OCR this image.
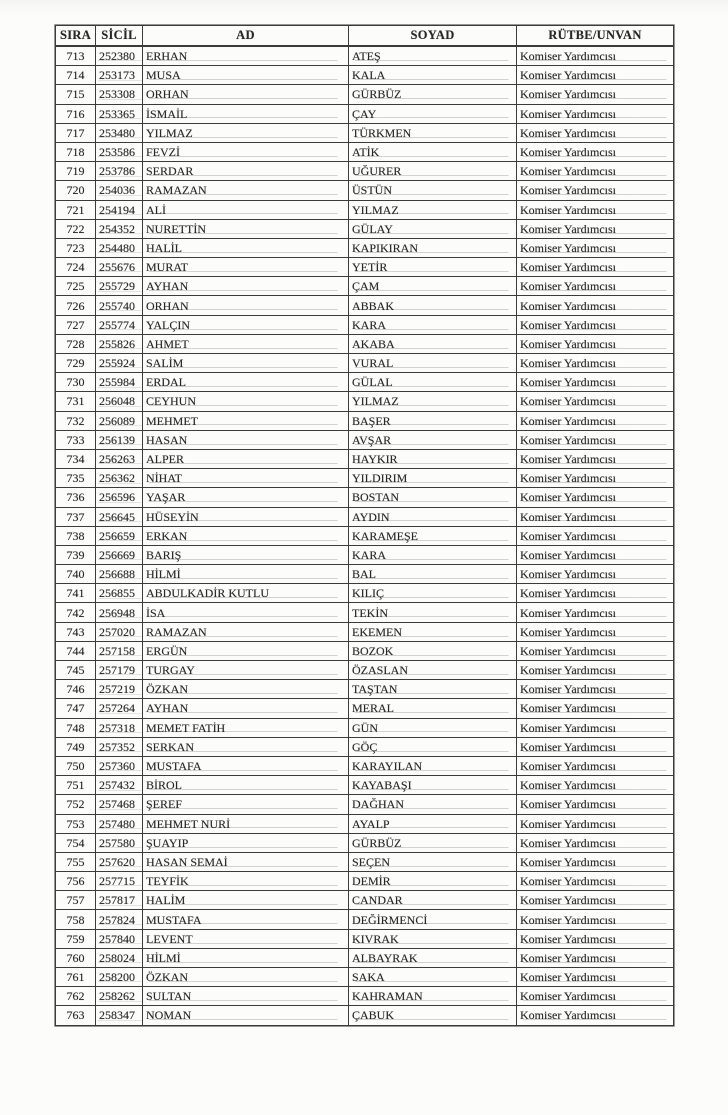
SIRA	SİCİL	AD	SOYAD	RÜTBE/UNVAN
713	252380	ERHAN	ATEŞ	Komiser Yardımcısı
714	253173	MUSA	KALA	Komiser Yardımcısı
715	253308	ORHAN	GÜRBÜZ	Komiser Yardımcısı
716	253365	İSMAİL	ÇAY	Komiser Yardımcısı
717	253480	YILMAZ	TÜRKMEN	Komiser Yardımcısı
718	253586	FEVZİ	ATİK	Komiser Yardımcısı
719	253786	SERDAR	UĞURER	Komiser Yardımcısı
720	254036	RAMAZAN	ÜSTÜN	Komiser Yardımcısı
721	254194	ALİ	YILMAZ	Komiser Yardımcısı
722	254352	NURETTİN	GÜLAY	Komiser Yardımcısı
723	254480	HALİL	KAPIKIRAN	Komiser Yardımcısı
724	255676	MURAT	YETİR	Komiser Yardımcısı
725	255729	AYHAN	ÇAM	Komiser Yardımcısı
726	255740	ORHAN	ABBAK	Komiser Yardımcısı
727	255774	YALÇIN	KARA	Komiser Yardımcısı
728	255826	AHMET	AKABA	Komiser Yardımcısı
729	255924	SALİM	VURAL	Komiser Yardımcısı
730	255984	ERDAL	GÜLAL	Komiser Yardımcısı
731	256048	CEYHUN	YILMAZ	Komiser Yardımcısı
732	256089	MEHMET	BAŞER	Komiser Yardımcısı
733	256139	HASAN	AVŞAR	Komiser Yardımcısı
734	256263	ALPER	HAYKIR	Komiser Yardımcısı
735	256362	NİHAT	YILDIRIM	Komiser Yardımcısı
736	256596	YAŞAR	BOSTAN	Komiser Yardımcısı
737	256645	HÜSEYİN	AYDIN	Komiser Yardımcısı
738	256659	ERKAN	KARAMEŞE	Komiser Yardımcısı
739	256669	BARIŞ	KARA	Komiser Yardımcısı
740	256688	HİLMİ	BAL	Komiser Yardımcısı
741	256855	ABDULKADİR KUTLU	KILIÇ	Komiser Yardımcısı
742	256948	İSA	TEKİN	Komiser Yardımcısı
743	257020	RAMAZAN	EKEMEN	Komiser Yardımcısı
744	257158	ERGÜN	BOZOK	Komiser Yardımcısı
745	257179	TURGAY	ÖZASLAN	Komiser Yardımcısı
746	257219	ÖZKAN	TAŞTAN	Komiser Yardımcısı
747	257264	AYHAN	MERAL	Komiser Yardımcısı
748	257318	MEMET FATİH	GÜN	Komiser Yardımcısı
749	257352	SERKAN	GÖÇ	Komiser Yardımcısı
750	257360	MUSTAFA	KARAYILAN	Komiser Yardımcısı
751	257432	BİROL	KAYABAŞI	Komiser Yardımcısı
752	257468	ŞEREF	DAĞHAN	Komiser Yardımcısı
753	257480	MEHMET NURİ	AYALP	Komiser Yardımcısı
754	257580	ŞUAYIP	GÜRBÜZ	Komiser Yardımcısı
755	257620	HASAN SEMAİ	SEÇEN	Komiser Yardımcısı
756	257715	TEYFİK	DEMİR	Komiser Yardımcısı
757	257817	HALİM	CANDAR	Komiser Yardımcısı
758	257824	MUSTAFA	DEĞİRMENCİ	Komiser Yardımcısı
759	257840	LEVENT	KIVRAK	Komiser Yardımcısı
760	258024	HİLMİ	ALBAYRAK	Komiser Yardımcısı
761	258200	ÖZKAN	SAKA	Komiser Yardımcısı
762	258262	SULTAN	KAHRAMAN	Komiser Yardımcısı
763	258347	NOMAN	ÇABUK	Komiser Yardımcısı
